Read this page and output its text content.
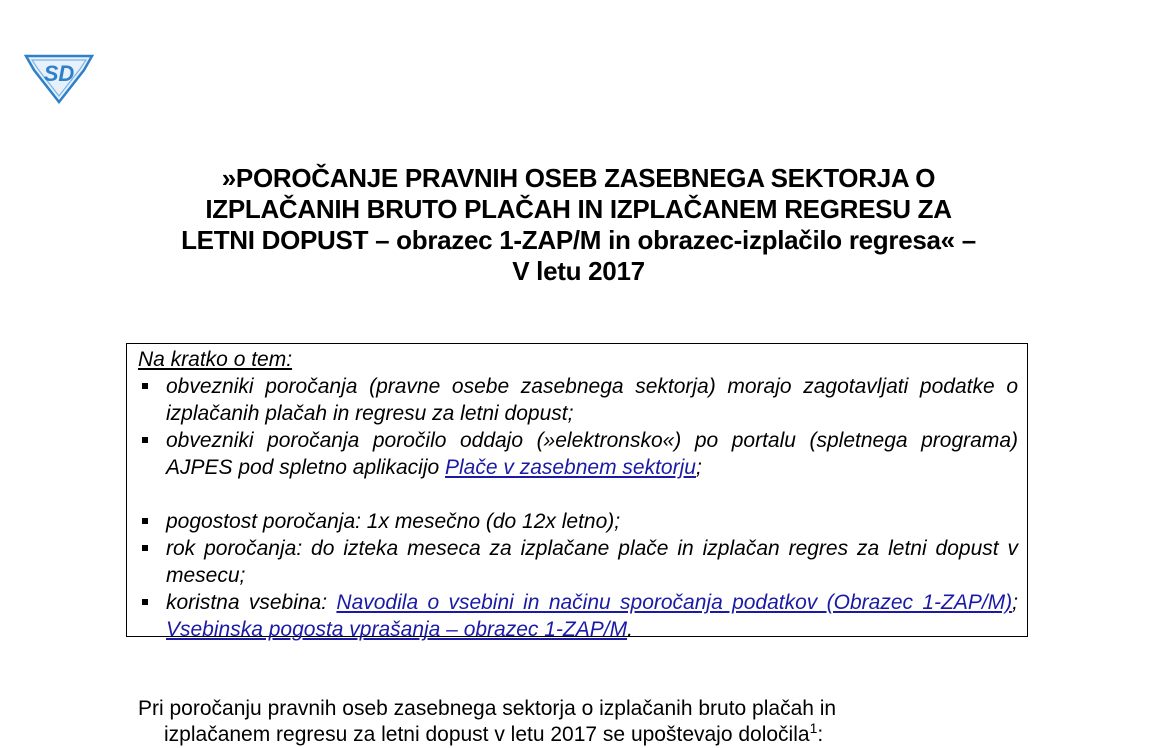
SD
»POROČANJE PRAVNIH OSEB ZASEBNEGA SEKTORJA O
IZPLAČANIH BRUTO PLAČAH IN IZPLAČANEM REGRESU ZA
LETNI DOPUST – obrazec 1-ZAP/M in obrazec-izplačilo regresa« –
V letu 2017
Na kratko o tem:
obvezniki poročanja (pravne osebe zasebnega sektorja) morajo zagotavljati podatke o izplačanih plačah in regresu za letni dopust;
obvezniki poročanja poročilo oddajo (»elektronsko«) po portalu (spletnega programa) AJPES pod spletno aplikacijo Plače v zasebnem sektorju;
pogostost poročanja: 1x mesečno (do 12x letno);
rok poročanja: do izteka meseca za izplačane plače in izplačan regres za letni dopust v mesecu;
koristna vsebina: Navodila o vsebini in načinu sporočanja podatkov (Obrazec 1-ZAP/M); Vsebinska pogosta vprašanja – obrazec 1-ZAP/M.
Pri poročanju pravnih oseb zasebnega sektorja o izplačanih bruto plačah in
izplačanem regresu za letni dopust v letu 2017 se upoštevajo določila$^1$:
